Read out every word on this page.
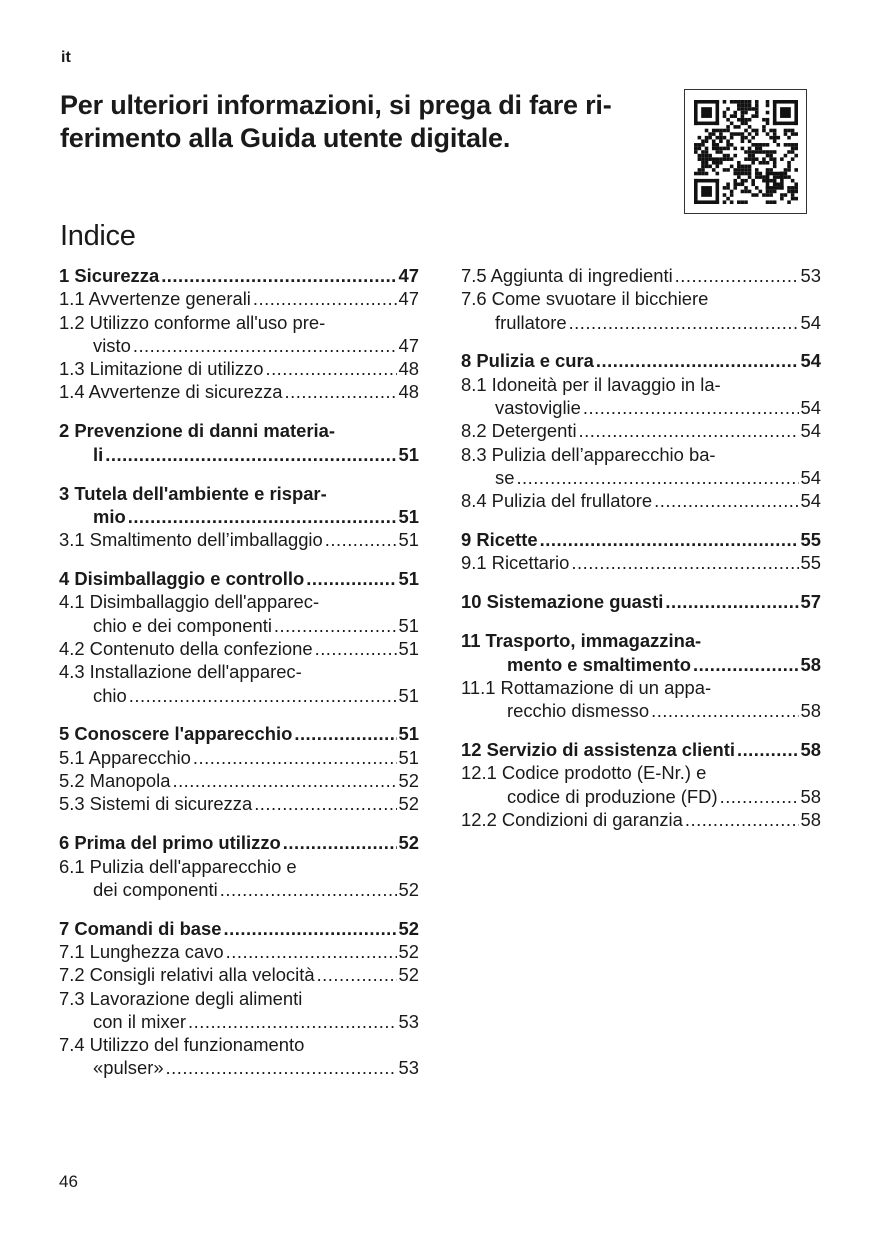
it
Per ulteriori informazioni, si prega di fare ri-
ferimento alla Guida utente digitale.
Indice
1 Sicurezza .....	47
1.1 Avvertenze generali .....	47
1.2 Utilizzo conforme all'uso pre-
visto .....	47
1.3 Limitazione di utilizzo .....	48
1.4 Avvertenze di sicurezza .....	48
2 Prevenzione di danni materia-
li .....	51
3 Tutela dell'ambiente e rispar-
mio .....	51
3.1 Smaltimento dell’imballaggio .....	51
4 Disimballaggio e controllo .....	51
4.1 Disimballaggio dell'apparec-
chio e dei componenti .....	51
4.2 Contenuto della confezione .....	51
4.3 Installazione dell'apparec-
chio .....	51
5 Conoscere l'apparecchio .....	51
5.1 Apparecchio .....	51
5.2 Manopola .....	52
5.3 Sistemi di sicurezza .....	52
6 Prima del primo utilizzo .....	52
6.1 Pulizia dell'apparecchio e
dei componenti .....	52
7 Comandi di base .....	52
7.1 Lunghezza cavo .....	52
7.2 Consigli relativi alla velocità .....	52
7.3 Lavorazione degli alimenti
con il mixer .....	53
7.4 Utilizzo del funzionamento
«pulser» .....	53
7.5 Aggiunta di ingredienti .....	53
7.6 Come svuotare il bicchiere
frullatore .....	54
8 Pulizia e cura .....	54
8.1 Idoneità per il lavaggio in la-
vastoviglie .....	54
8.2 Detergenti .....	54
8.3 Pulizia dell’apparecchio ba-
se .....	54
8.4 Pulizia del frullatore .....	54
9 Ricette .....	55
9.1 Ricettario .....	55
10 Sistemazione guasti .....	57
11 Trasporto, immagazzina-
mento e smaltimento .....	58
11.1 Rottamazione di un appa-
recchio dismesso .....	58
12 Servizio di assistenza clienti .....	58
12.1 Codice prodotto (E-Nr.) e
codice di produzione (FD) .....	58
12.2 Condizioni di garanzia .....	58
46
